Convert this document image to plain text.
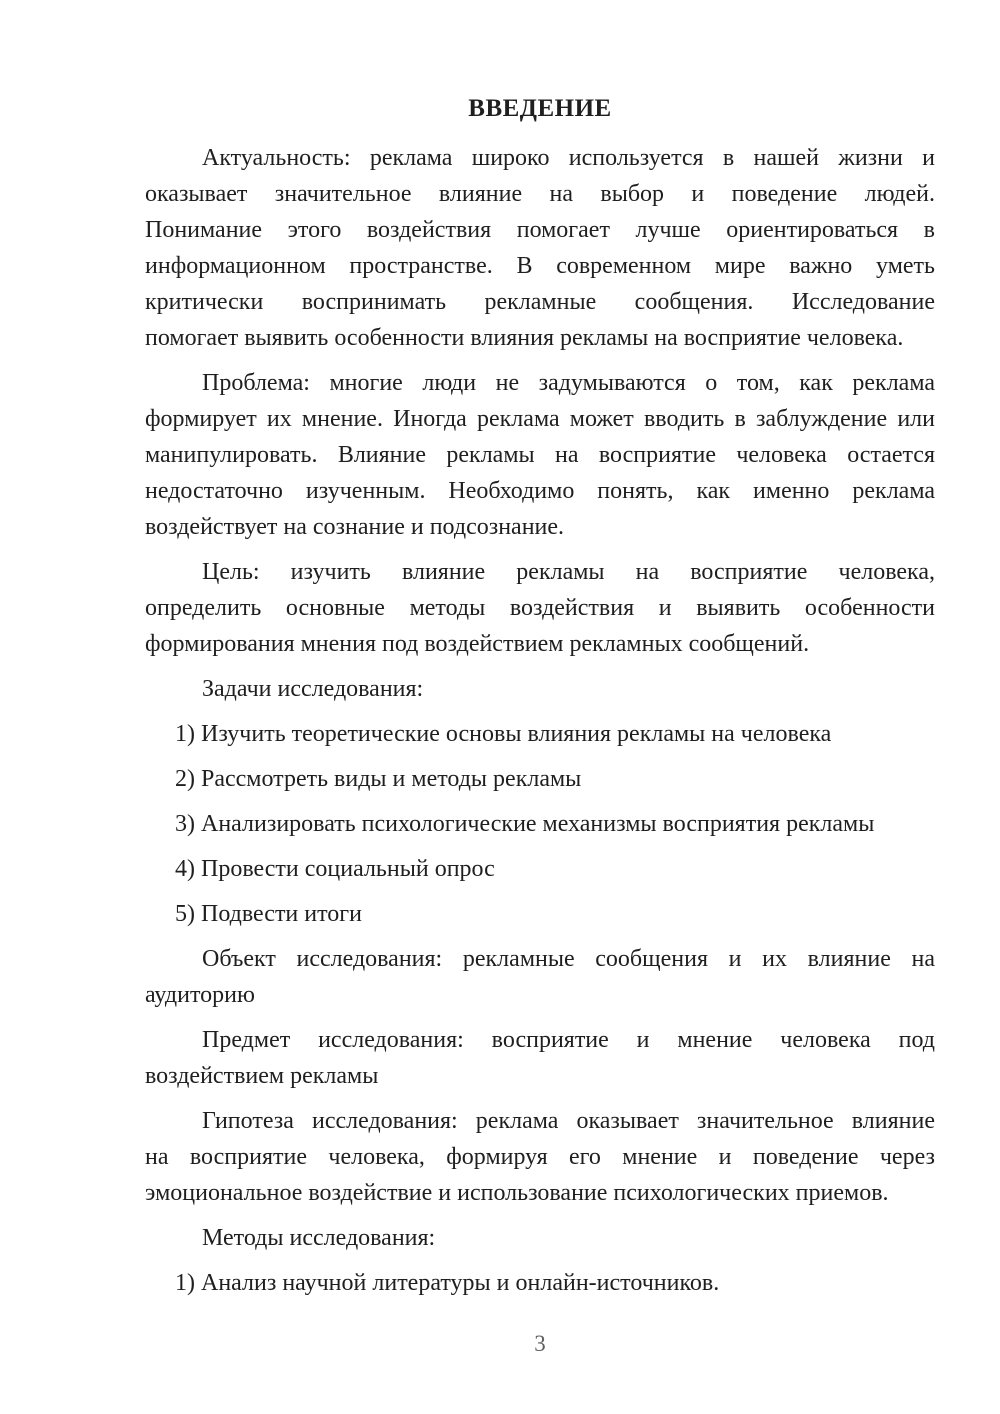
ВВЕДЕНИЕ
Актуальность: реклама широко используется в нашей жизни и
оказывает значительное влияние на выбор и поведение людей.
Понимание этого воздействия помогает лучше ориентироваться в
информационном пространстве. В современном мире важно уметь
критически воспринимать рекламные сообщения. Исследование
помогает выявить особенности влияния рекламы на восприятие человека.
Проблема: многие люди не задумываются о том, как реклама
формирует их мнение. Иногда реклама может вводить в заблуждение или
манипулировать. Влияние рекламы на восприятие человека остается
недостаточно изученным. Необходимо понять, как именно реклама
воздействует на сознание и подсознание.
Цель: изучить влияние рекламы на восприятие человека,
определить основные методы воздействия и выявить особенности
формирования мнения под воздействием рекламных сообщений.
Задачи исследования:
1) Изучить теоретические основы влияния рекламы на человека
2) Рассмотреть виды и методы рекламы
3) Анализировать психологические механизмы восприятия рекламы
4) Провести социальный опрос
5) Подвести итоги
Объект исследования: рекламные сообщения и их влияние на
аудиторию
Предмет исследования: восприятие и мнение человека под
воздействием рекламы
Гипотеза исследования: реклама оказывает значительное влияние
на восприятие человека, формируя его мнение и поведение через
эмоциональное воздействие и использование психологических приемов.
Методы исследования:
1) Анализ научной литературы и онлайн-источников.
3
